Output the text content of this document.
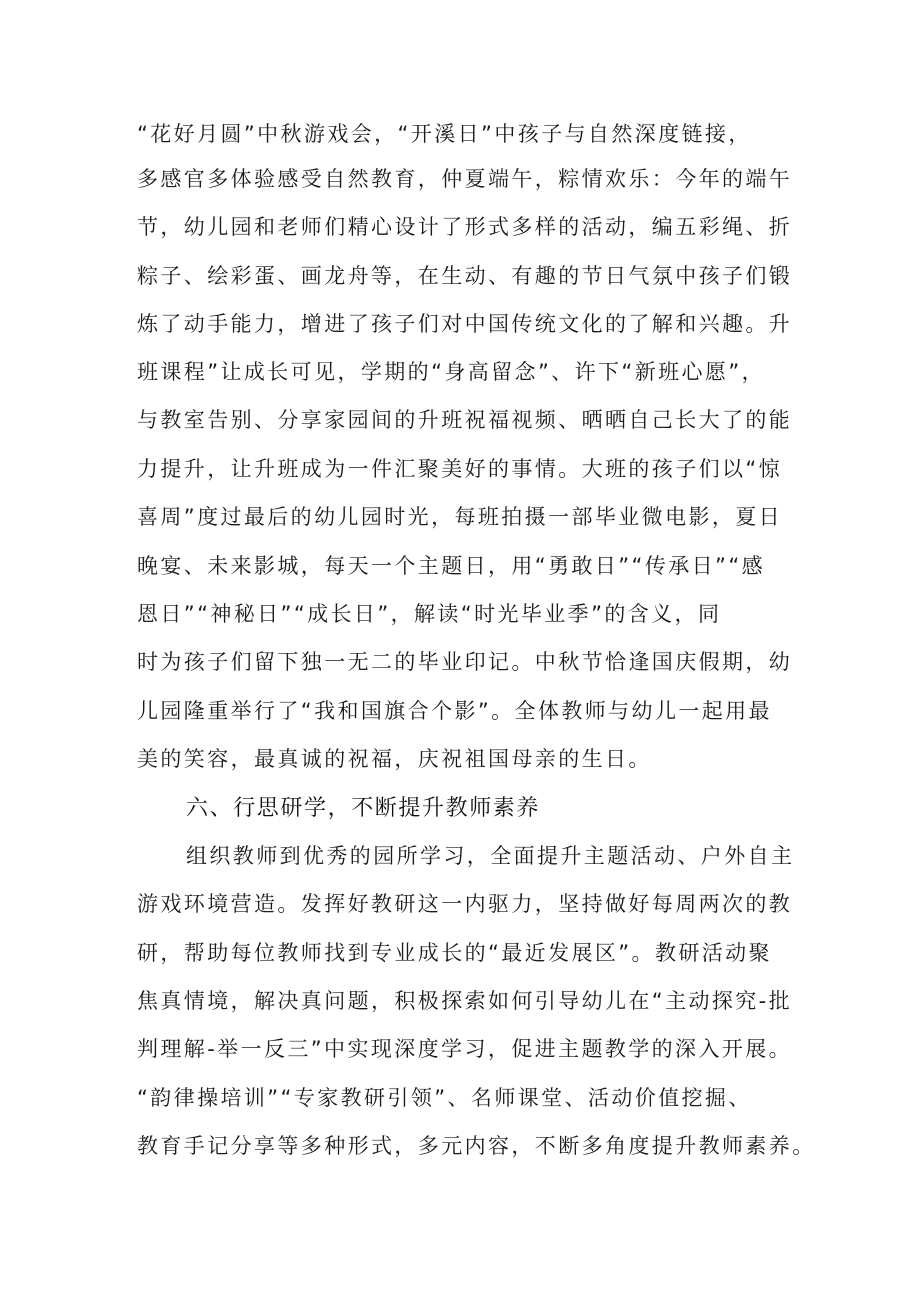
“花好月圆”中秋游戏会，“开溪日”中孩子与自然深度链接，

多感官多体验感受自然教育，仲夏端午，粽情欢乐：今年的端午

节，幼儿园和老师们精心设计了形式多样的活动，编五彩绳、折

粽子、绘彩蛋、画龙舟等，在生动、有趣的节日气氛中孩子们锻

炼了动手能力，增进了孩子们对中国传统文化的了解和兴趣。升

班课程”让成长可见，学期的“身高留念”、许下“新班心愿”，

与教室告别、分享家园间的升班祝福视频、晒晒自己长大了的能

力提升，让升班成为一件汇聚美好的事情。大班的孩子们以“惊

喜周”度过最后的幼儿园时光，每班拍摄一部毕业微电影，夏日

晚宴、未来影城，每天一个主题日，用“勇敢日”“传承日”“感

恩日”“神秘日”“成长日”，解读“时光毕业季”的含义，同

时为孩子们留下独一无二的毕业印记。中秋节恰逢国庆假期，幼

儿园隆重举行了“我和国旗合个影”。全体教师与幼儿一起用最

美的笑容，最真诚的祝福，庆祝祖国母亲的生日。

六、行思研学，不断提升教师素养

组织教师到优秀的园所学习，全面提升主题活动、户外自主

游戏环境营造。发挥好教研这一内驱力，坚持做好每周两次的教

研，帮助每位教师找到专业成长的“最近发展区”。教研活动聚

焦真情境，解决真问题，积极探索如何引导幼儿在“主动探究-批

判理解-举一反三”中实现深度学习，促进主题教学的深入开展。

“韵律操培训”“专家教研引领”、名师课堂、活动价值挖掘、

教育手记分享等多种形式，多元内容，不断多角度提升教师素养。
